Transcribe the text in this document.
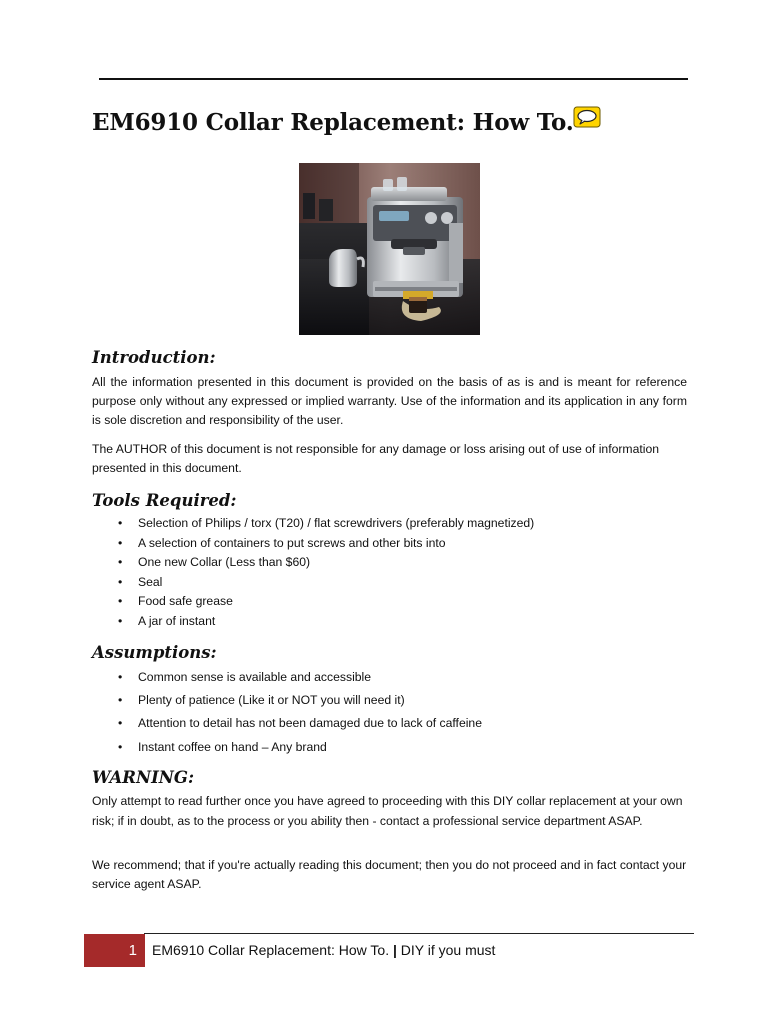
EM6910 Collar Replacement: How To.
Introduction:

All the information presented in this document is provided on the basis of as is and is meant for reference purpose only without any expressed or implied warranty. Use of the information and its application in any form is sole discretion and responsibility of the user.

The AUTHOR of this document is not responsible for any damage or loss arising out of use of information presented in this document.

Tools Required:
• Selection of Philips / torx (T20) / flat screwdrivers (preferably magnetized)
• A selection of containers to put screws and other bits into
• One new Collar (Less than $60)
• Seal
• Food safe grease
• A jar of instant
Assumptions:
• Common sense is available and accessible
• Plenty of patience (Like it or NOT you will need it)
• Attention to detail has not been damaged due to lack of caffeine
• Instant coffee on hand – Any brand
WARNING:

Only attempt to read further once you have agreed to proceeding with this DIY collar replacement at your own risk; if in doubt, as to the process or you ability then - contact a professional service department ASAP.

We recommend; that if you're actually reading this document; then you do not proceed and in fact contact your service agent ASAP.

1	EM6910 Collar Replacement: How To. | DIY if you must
